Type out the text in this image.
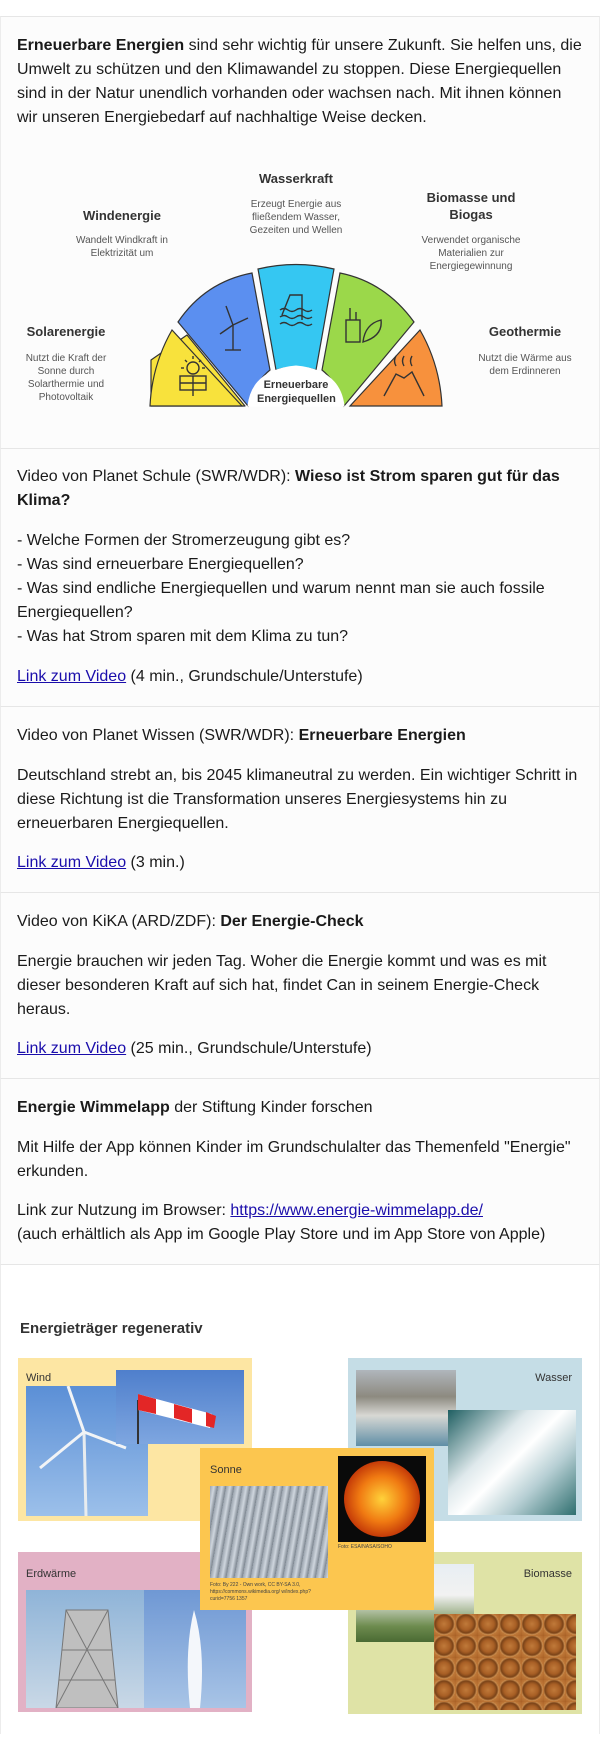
Erneuerbare Energien sind sehr wichtig für unsere Zukunft. Sie helfen uns, die Umwelt zu schützen und den Klimawandel zu stoppen. Diese Energiequellen sind in der Natur unendlich vorhanden oder wachsen nach. Mit ihnen können wir unseren Energiebedarf auf nachhaltige Weise decken.
Erneuerbare Energiequellen
Solarenergie
Nutzt die Kraft der Sonne durch Solarthermie und Photovoltaik
Windenergie
Wandelt Windkraft in Elektrizität um
Wasserkraft
Erzeugt Energie aus fließendem Wasser, Gezeiten und Wellen
Biomasse und Biogas
Verwendet organische Materialien zur Energiegewinnung
Geothermie
Nutzt die Wärme aus dem Erdinneren
Video von Planet Schule (SWR/WDR): Wieso ist Strom sparen gut für das Klima?

- Welche Formen der Stromerzeugung gibt es?

- Was sind erneuerbare Energiequellen?

- Was sind endliche Energiequellen und warum nennt man sie auch fossile Energiequellen?

- Was hat Strom sparen mit dem Klima zu tun?

Link zum Video (4 min., Grundschule/Unterstufe)
Video von Planet Wissen (SWR/WDR): Erneuerbare Energien
Deutschland strebt an, bis 2045 klimaneutral zu werden. Ein wichtiger Schritt in diese Richtung ist die Transformation unseres Energiesystems hin zu erneuerbaren Energiequellen.
Link zum Video (3 min.)
Video von KiKA (ARD/ZDF): Der Energie-Check
Energie brauchen wir jeden Tag. Woher die Energie kommt und was es mit dieser besonderen Kraft auf sich hat, findet Can in seinem Energie-Check heraus.
Link zum Video (25 min., Grundschule/Unterstufe)
Energie Wimmelapp der Stiftung Kinder forschen
Mit Hilfe der App können Kinder im Grundschulalter das Themenfeld "Energie" erkunden.

Link zur Nutzung im Browser: https://www.energie-wimmelapp.de/

(auch erhältlich als App im Google Play Store und im App Store von Apple)

Energieträger regenerativ
Wind	Wasser
Erdwärme	Biomasse
Sonne
Foto: ESA/NASA/SOHO
Foto: By 222 - Own work, CC BY-SA 3.0, https://commons.wikimedia.org/ w/index.php?curid=7756 1357
